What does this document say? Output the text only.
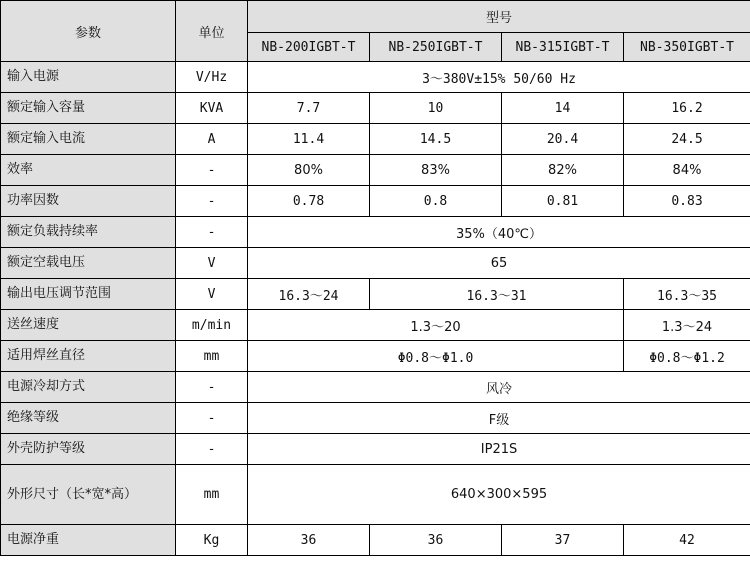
参数	单位	型号			
		NB-200IGBT-T	NB-250IGBT-T	NB-315IGBT-T	NB-350IGBT-T
输入电源	V/Hz	3～380V±15% 50/60 Hz			
额定输入容量	KVA	7.7	10	14	16.2
额定输入电流	A	11.4	14.5	20.4	24.5
效率	-	80%	83%	82%	84%
功率因数	-	0.78	0.8	0.81	0.83
额定负载持续率	-	35%（40℃）			
额定空载电压	V	65			
输出电压调节范围	V	16.3～24	16.3～31		16.3～35
送丝速度	m/min	1.3～20			1.3～24
适用焊丝直径	mm	Φ0.8～Φ1.0			Φ0.8～Φ1.2
电源冷却方式	-	风冷			
绝缘等级	-	F级			
外壳防护等级	-	IP21S			
外形尺寸（长*宽*高）	mm	640×300×595			
电源净重	Kg	36	36	37	42
